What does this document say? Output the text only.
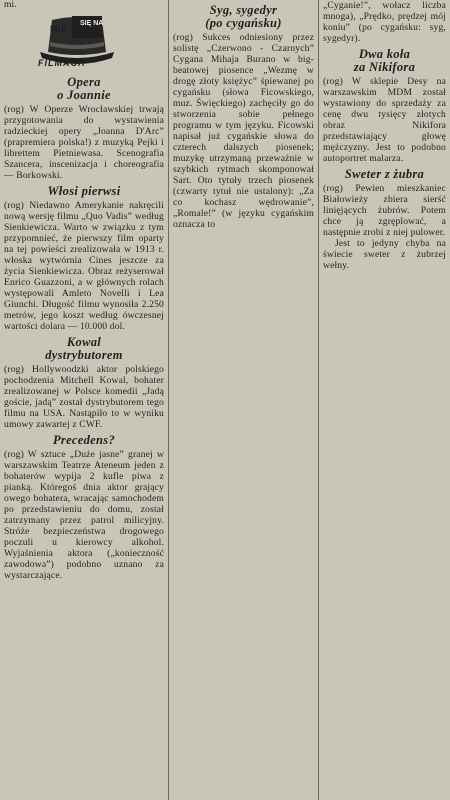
mi.

MIE
SIĘ NA
FILMACH
Opera
o Joannie

(rog) W Operze Wrocławskiej trwają przygotowania do wystawienia radzieckiej opery „Joanna D'Arc” (prapremiera polska!) z muzyką Pejki i librettem Pietniewasa. Scenografia Szancera, inscenizacja i choreografia — Borkowski.

Włosi pierwsi

(rog) Niedawno Amerykanie nakręcili nową wersję filmu „Quo Vadis” według Sienkiewicza. Warto w związku z tym przypomnieć, że pierwszy film oparty na tej powieści zrealizowała w 1913 r. włoska wytwórnia Cines jeszcze za życia Sienkiewicza. Obraz reżyserował Enrico Guazzoni, a w głównych rolach występowali Amleto Novelli i Lea Giunchi. Długość filmu wynosiła 2.250 metrów, jego koszt według ówczesnej wartości dolara — 10.000 dol.

Kowal
dystrybutorem

(rog) Hollywoodzki aktor polskiego pochodzenia Mitchell Kowal, bohater zrealizowanej w Polsce komedii „Jadą goście, jadą” został dystrybutorem tego filmu na USA. Nastąpiło to w wyniku umowy zawartej z CWF.

Precedens?

(rog) W sztuce „Duże jasne” granej w warszawskim Teatrze Ateneum jeden z bohaterów wypija 2 kufle piwa z pianką. Któregoś dnia aktor grający owego bohatera, wracając samochodem po przedstawieniu do domu, został zatrzymany przez patrol milicyjny. Stróże bezpieczeństwa drogowego poczuli u kierowcy alkohol. Wyjaśnienia aktora („konieczność zawodowa”) podobno uznano za wystarczające.

Syg, sygedyr
(po cygańsku)

(rog) Sukces odniesiony przez solistę „Czerwono - Czarnych” Cygana Mihaja Burano w big-beatowej piosence „Wezmę w drogę złoty księżyc” śpiewanej po cygańsku (słowa Ficowskiego, muz. Święckiego) zachęciły go do stworzenia sobie pełnego programu w tym języku. Ficowski napisał już cygańskie słowa do czterech dalszych piosenek; muzykę utrzymaną przeważnie w szybkich rytmach skomponował Sart. Oto tytuły trzech piosenek (czwarty tytuł nie ustalony): „Za co kochasz wędrowanie”, „Romale!” (w języku cygańskim oznacza to

„Cyganie!”, wołacz liczba mnoga), „Prędko, prędzej mój koniu” (po cygańsku: syg, sygedyr).

Dwa koła
za Nikifora

(rog) W sklepie Desy na warszawskim MDM został wystawiony do sprzedaży za cenę dwu tysięcy złotych obraz Nikifora przedstawiający głowę mężczyzny. Jest to podobno autoportret malarza.

Sweter z żubra

(rog) Pewien mieszkaniec Białowieży zbiera sierść linięjących żubrów. Potem chce ją zgręplować, a następnie zrobi z niej pulower.

Jest to jedyny chyba na świecie sweter z żubrzej wełny.
